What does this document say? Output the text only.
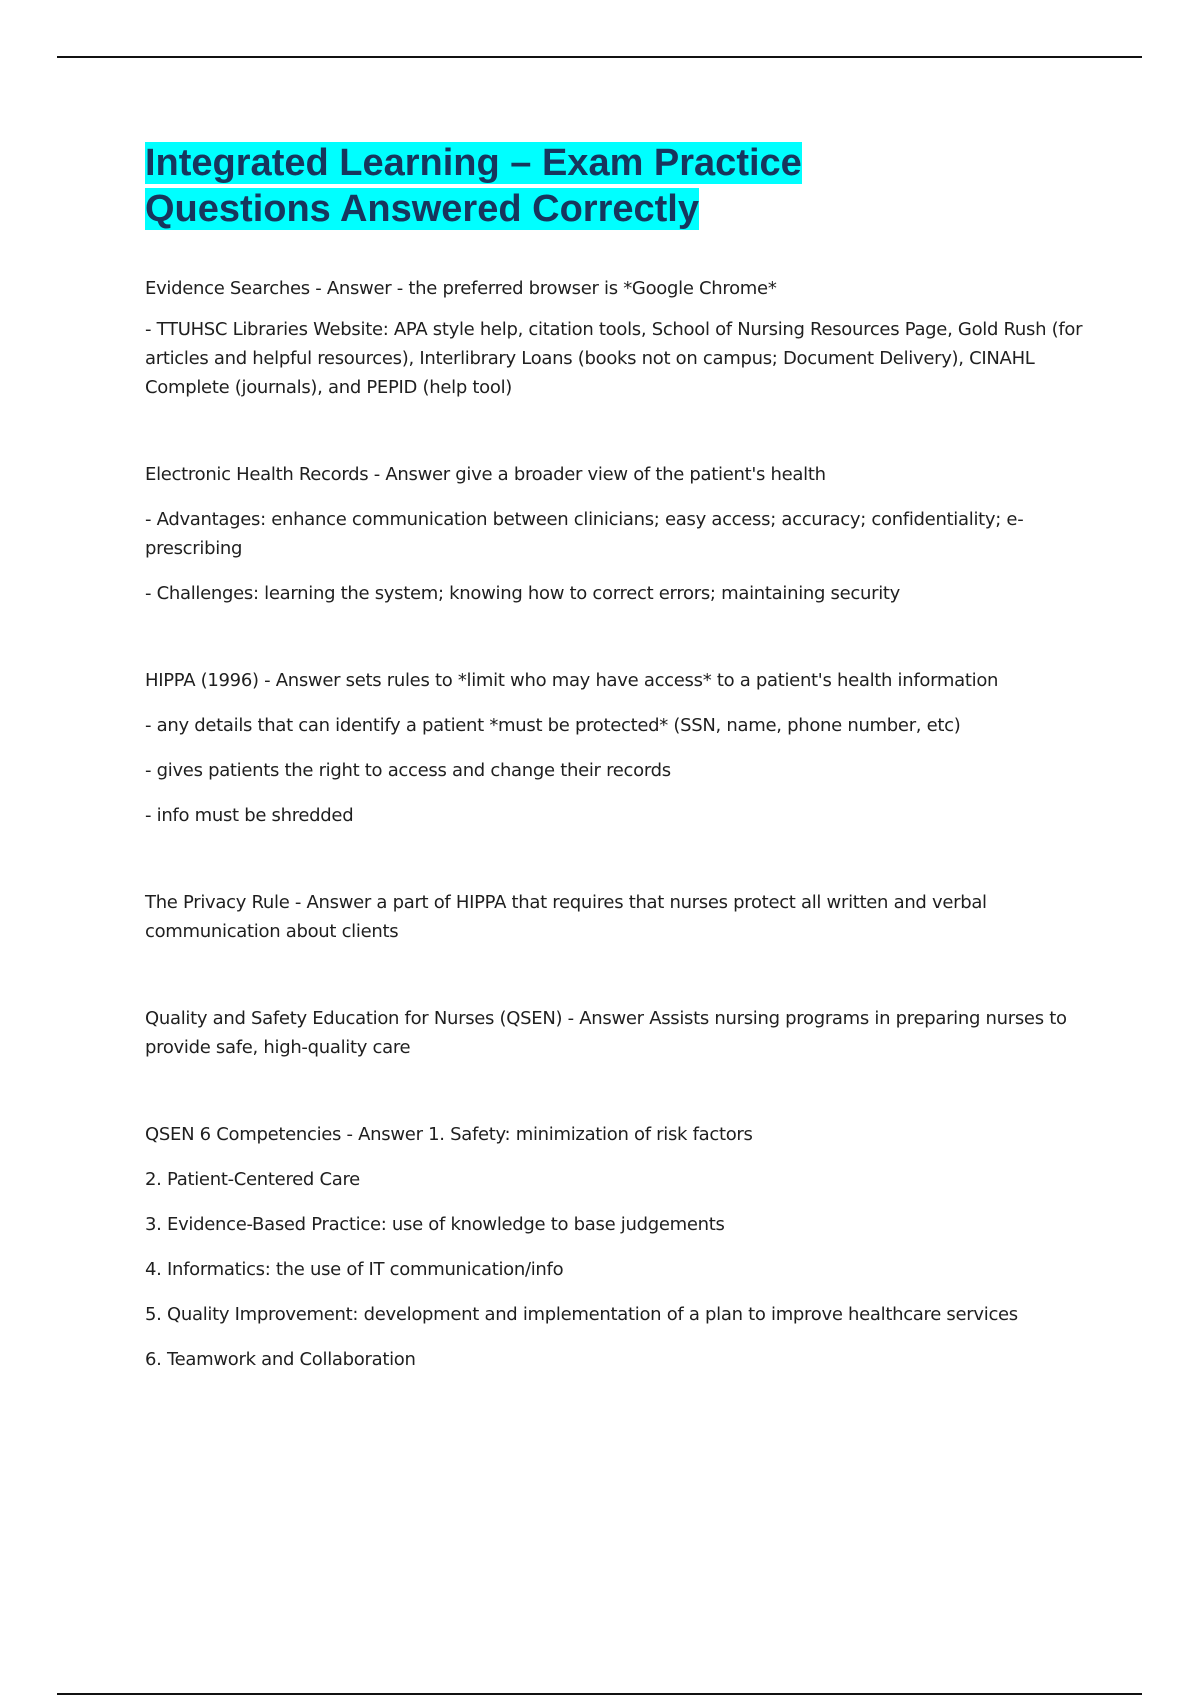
Integrated Learning – Exam Practice
Questions Answered Correctly

Evidence Searches - Answer - the preferred browser is *Google Chrome*

- TTUHSC Libraries Website: APA style help, citation tools, School of Nursing Resources Page, Gold Rush (for articles and helpful resources), Interlibrary Loans (books not on campus; Document Delivery), CINAHL Complete (journals), and PEPID (help tool)

Electronic Health Records - Answer give a broader view of the patient's health

- Advantages: enhance communication between clinicians; easy access; accuracy; confidentiality; e-prescribing

- Challenges: learning the system; knowing how to correct errors; maintaining security

HIPPA (1996) - Answer sets rules to *limit who may have access* to a patient's health information

- any details that can identify a patient *must be protected* (SSN, name, phone number, etc)

- gives patients the right to access and change their records

- info must be shredded

The Privacy Rule - Answer a part of HIPPA that requires that nurses protect all written and verbal communication about clients

Quality and Safety Education for Nurses (QSEN) - Answer Assists nursing programs in preparing nurses to provide safe, high-quality care

QSEN 6 Competencies - Answer 1. Safety: minimization of risk factors

2. Patient-Centered Care

3. Evidence-Based Practice: use of knowledge to base judgements

4. Informatics: the use of IT communication/info

5. Quality Improvement: development and implementation of a plan to improve healthcare services

6. Teamwork and Collaboration
